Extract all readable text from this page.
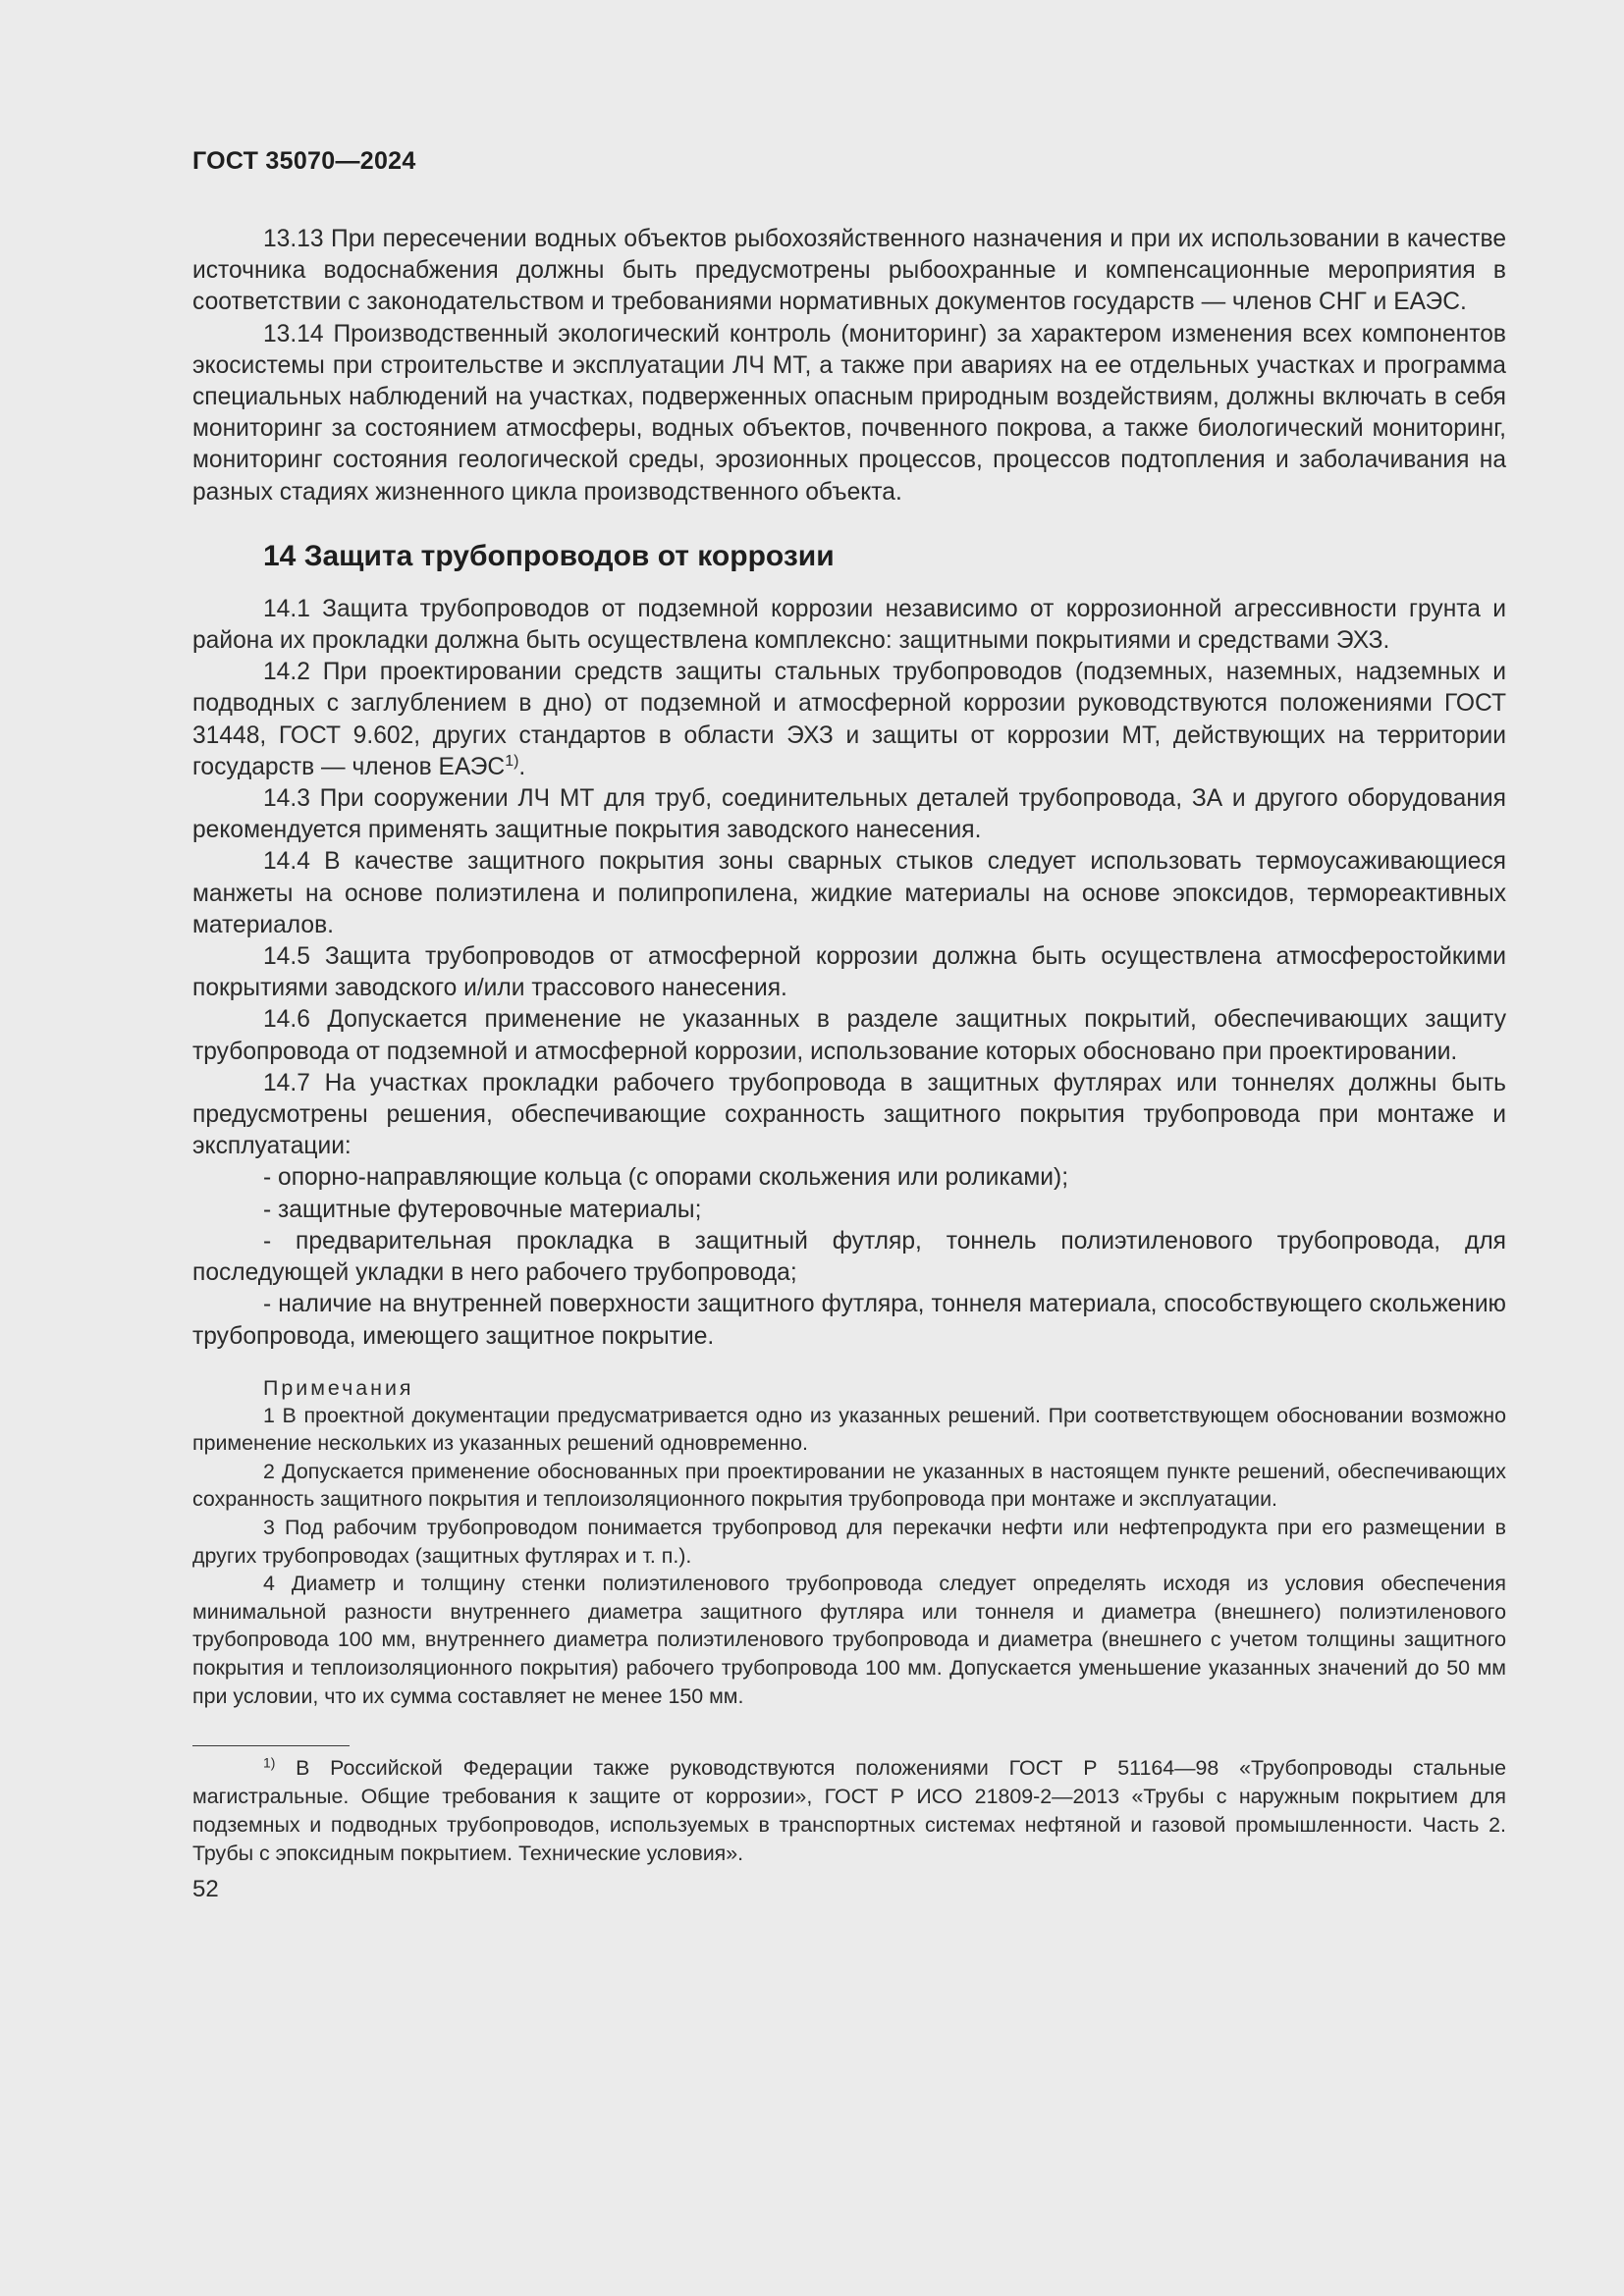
ГОСТ 35070—2024

13.13 При пересечении водных объектов рыбохозяйственного назначения и при их использовании в качестве источника водоснабжения должны быть предусмотрены рыбоохранные и компенсационные мероприятия в соответствии с законодательством и требованиями нормативных документов государств — членов СНГ и ЕАЭС.

13.14 Производственный экологический контроль (мониторинг) за характером изменения всех компонентов экосистемы при строительстве и эксплуатации ЛЧ МТ, а также при авариях на ее отдельных участках и программа специальных наблюдений на участках, подверженных опасным природным воздействиям, должны включать в себя мониторинг за состоянием атмосферы, водных объектов, почвенного покрова, а также биологический мониторинг, мониторинг состояния геологической среды, эрозионных процессов, процессов подтопления и заболачивания на разных стадиях жизненного цикла производственного объекта.

14 Защита трубопроводов от коррозии

14.1 Защита трубопроводов от подземной коррозии независимо от коррозионной агрессивности грунта и района их прокладки должна быть осуществлена комплексно: защитными покрытиями и средствами ЭХЗ.

14.2 При проектировании средств защиты стальных трубопроводов (подземных, наземных, надземных и подводных с заглублением в дно) от подземной и атмосферной коррозии руководствуются положениями ГОСТ 31448, ГОСТ 9.602, других стандартов в области ЭХЗ и защиты от коррозии МТ, действующих на территории государств — членов ЕАЭС$^{1)}$.

14.3 При сооружении ЛЧ МТ для труб, соединительных деталей трубопровода, ЗА и другого оборудования рекомендуется применять защитные покрытия заводского нанесения.

14.4 В качестве защитного покрытия зоны сварных стыков следует использовать термоусаживающиеся манжеты на основе полиэтилена и полипропилена, жидкие материалы на основе эпоксидов, термореактивных материалов.

14.5 Защита трубопроводов от атмосферной коррозии должна быть осуществлена атмосферостойкими покрытиями заводского и/или трассового нанесения.

14.6 Допускается применение не указанных в разделе защитных покрытий, обеспечивающих защиту трубопровода от подземной и атмосферной коррозии, использование которых обосновано при проектировании.

14.7 На участках прокладки рабочего трубопровода в защитных футлярах или тоннелях должны быть предусмотрены решения, обеспечивающие сохранность защитного покрытия трубопровода при монтаже и эксплуатации:

- опорно-направляющие кольца (с опорами скольжения или роликами);

- защитные футеровочные материалы;

- предварительная прокладка в защитный футляр, тоннель полиэтиленового трубопровода, для последующей укладки в него рабочего трубопровода;

- наличие на внутренней поверхности защитного футляра, тоннеля материала, способствующего скольжению трубопровода, имеющего защитное покрытие.

Примечания

1 В проектной документации предусматривается одно из указанных решений. При соответствующем обосновании возможно применение нескольких из указанных решений одновременно.

2 Допускается применение обоснованных при проектировании не указанных в настоящем пункте решений, обеспечивающих сохранность защитного покрытия и теплоизоляционного покрытия трубопровода при монтаже и эксплуатации.

3 Под рабочим трубопроводом понимается трубопровод для перекачки нефти или нефтепродукта при его размещении в других трубопроводах (защитных футлярах и т. п.).

4 Диаметр и толщину стенки полиэтиленового трубопровода следует определять исходя из условия обеспечения минимальной разности внутреннего диаметра защитного футляра или тоннеля и диаметра (внешнего) полиэтиленового трубопровода 100 мм, внутреннего диаметра полиэтиленового трубопровода и диаметра (внешнего с учетом толщины защитного покрытия и теплоизоляционного покрытия) рабочего трубопровода 100 мм. Допускается уменьшение указанных значений до 50 мм при условии, что их сумма составляет не менее 150 мм.

$^{1)}$ В Российской Федерации также руководствуются положениями ГОСТ Р 51164—98 «Трубопроводы стальные магистральные. Общие требования к защите от коррозии», ГОСТ Р ИСО 21809-2—2013 «Трубы с наружным покрытием для подземных и подводных трубопроводов, используемых в транспортных системах нефтяной и газовой промышленности. Часть 2. Трубы с эпоксидным покрытием. Технические условия».

52
